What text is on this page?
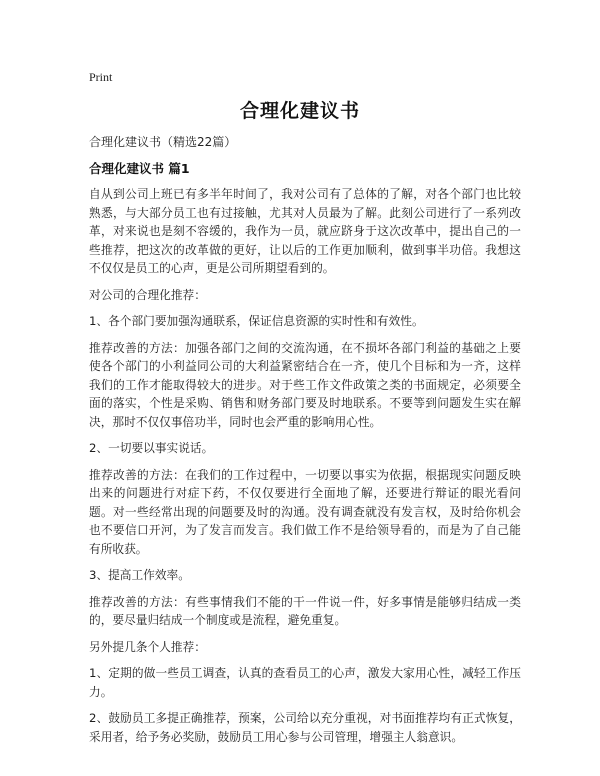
Print
合理化建议书
合理化建议书（精选22篇）
合理化建议书 篇1

自从到公司上班已有多半年时间了，我对公司有了总体的了解，对各个部门也比较熟悉，与大部分员工也有过接触，尤其对人员最为了解。此刻公司进行了一系列改革，对来说也是刻不容缓的，我作为一员，就应跻身于这次改革中，提出自己的一些推荐，把这次的改革做的更好，让以后的工作更加顺利，做到事半功倍。我想这不仅仅是员工的心声，更是公司所期望看到的。

对公司的合理化推荐：

1、各个部门要加强沟通联系，保证信息资源的实时性和有效性。

推荐改善的方法：加强各部门之间的交流沟通，在不损坏各部门利益的基础之上要使各个部门的小利益同公司的大利益紧密结合在一齐，使几个目标和为一齐，这样我们的工作才能取得较大的进步。对于些工作文件政策之类的书面规定，必须要全面的落实，个性是采购、销售和财务部门要及时地联系。不要等到问题发生实在解决，那时不仅仅事倍功半，同时也会严重的影响用心性。

2、一切要以事实说话。

推荐改善的方法：在我们的工作过程中，一切要以事实为依据，根据现实问题反映出来的问题进行对症下药，不仅仅要进行全面地了解，还要进行辩证的眼光看问题。对一些经常出现的问题要及时的沟通。没有调查就没有发言权，及时给你机会也不要信口开河，为了发言而发言。我们做工作不是给领导看的，而是为了自己能有所收获。

3、提高工作效率。

推荐改善的方法：有些事情我们不能的干一件说一件，好多事情是能够归结成一类的，要尽量归结成一个制度或是流程，避免重复。

另外提几条个人推荐：

1、定期的做一些员工调查，认真的查看员工的心声，激发大家用心性，减轻工作压力。

2、鼓励员工多提正确推荐，预案，公司给以充分重视，对书面推荐均有正式恢复，采用者，给予务必奖励，鼓励员工用心参与公司管理，增强主人翁意识。
